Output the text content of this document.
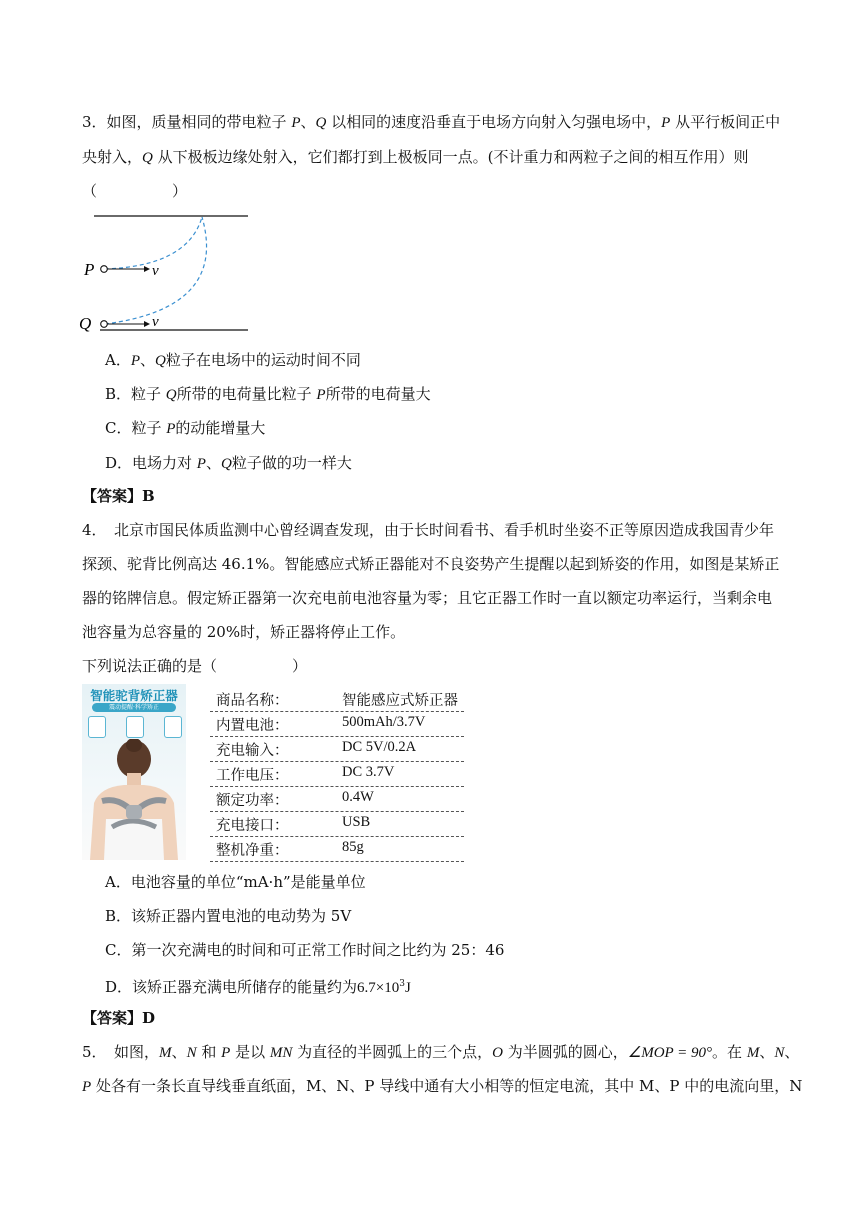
3．如图，质量相同的带电粒子 P、Q 以相同的速度沿垂直于电场方向射入匀强电场中，P 从平行板间正中
央射入，Q 从下极板边缘处射入，它们都打到上极板同一点。(不计重力和两粒子之间的相互作用）则
（　　　　　）
P
Q
v
v
A．P、Q粒子在电场中的运动时间不同
B．粒子 Q所带的电荷量比粒子 P所带的电荷量大
C．粒子 P的动能增量大
D．电场力对 P、Q粒子做的功一样大
【答案】B
4．　北京市国民体质监测中心曾经调查发现，由于长时间看书、看手机时坐姿不正等原因造成我国青少年
探颈、驼背比例高达 46.1%。智能感应式矫正器能对不良姿势产生提醒以起到矫姿的作用，如图是某矫正
器的铭牌信息。假定矫正器第一次充电前电池容量为零；且它正器工作时一直以额定功率运行，当剩余电
池容量为总容量的 20%时，矫正器将停止工作。
下列说法正确的是（　　　　　）
智能驼背矫正器
震动提醒·科学矫正	商品名称：	智能感应式矫正器
内置电池：	500mAh/3.7V
充电输入：	DC 5V/0.2A
工作电压：	DC 3.7V
额定功率：	0.4W
充电接口：	USB
整机净重：	85g
A．电池容量的单位“mA·h”是能量单位
B．该矫正器内置电池的电动势为 5V
C．第一次充满电的时间和可正常工作时间之比约为 25：46
D．该矫正器充满电所储存的能量约为$6.7\times 10^3J$
【答案】D
5．　如图，M、N 和 P 是以 MN 为直径的半圆弧上的三个点，O 为半圆弧的圆心，∠MOP = 90°。在 M、N、
P 处各有一条长直导线垂直纸面，M、N、P 导线中通有大小相等的恒定电流，其中 M、P 中的电流向里，N
